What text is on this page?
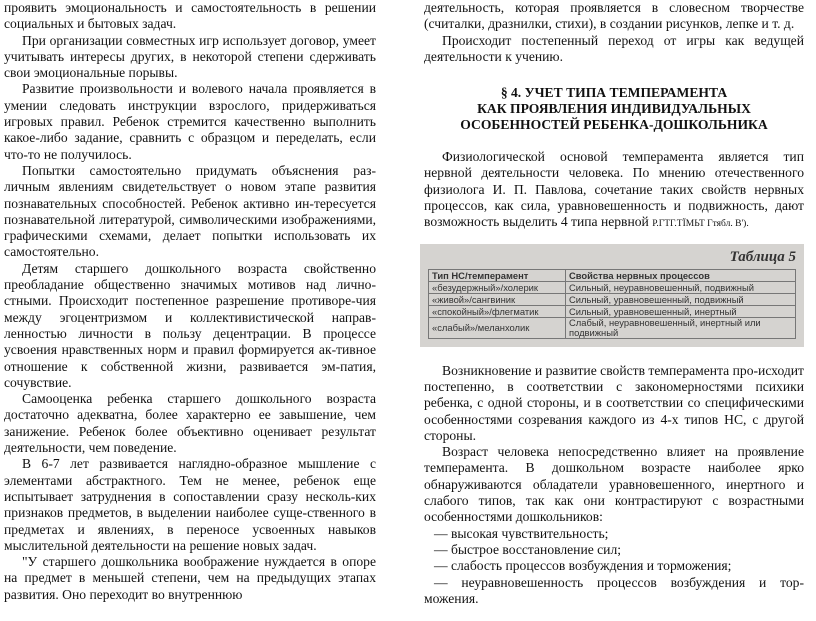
проявить эмоциональность и самостоятельность в решении социальных и бытовых задач.

При организации совместных игр использует договор, умеет учитывать интересы других, в некоторой степени сдерживать свои эмоциональные порывы.

Развитие произвольности и волевого начала проявляется в умении следовать инструкции взрослого, придерживаться игровых правил. Ребенок стремится качественно выполнить какое-либо задание, сравнить с образцом и переделать, если что-то не получилось.

Попытки самостоятельно придумать объяснения раз-личным явлениям свидетельствует о новом этапе развития познавательных способностей. Ребенок активно ин-тересуется познавательной литературой, символическими изображениями, графическими схемами, делает попытки использовать их самостоятельно.

Детям старшего дошкольного возраста свойственно преобладание общественно значимых мотивов над лично-стными. Происходит постепенное разрешение противоре-чия между эгоцентризмом и коллективистической направ-ленностью личности в пользу децентрации. В процессе усвоения нравственных норм и правил формируется ак-тивное отношение к собственной жизни, развивается эм-патия, сочувствие.

Самооценка ребенка старшего дошкольного возраста достаточно адекватна, более характерно ее завышение, чем занижение. Ребенок более объективно оценивает результат деятельности, чем поведение.

В 6-7 лет развивается наглядно-образное мышление с элементами абстрактного. Тем не менее, ребенок еще испытывает затруднения в сопоставлении сразу несколь-ких признаков предметов, в выделении наиболее суще-ственного в предметах и явлениях, в переносе усвоенных навыков мыслительной деятельности на решение новых задач.

"У старшего дошкольника воображение нуждается в опоре на предмет в меньшей степени, чем на предыдущих этапах развития. Оно переходит во внутреннюю

деятельность, которая проявляется в словесном творчестве (считалки, дразнилки, стихи), в создании рисунков, лепке и т. д.

Происходит постепенный переход от игры как ведущей деятельности к учению.

§ 4. УЧЕТ ТИПА ТЕМПЕРАМЕНТА
КАК ПРОЯВЛЕНИЯ ИНДИВИДУАЛЬНЫХ
ОСОБЕННОСТЕЙ РЕБЕНКА-ДОШКОЛЬНИКА

Физиологической основой темперамента является тип нервной деятельности человека. По мнению отечественного физиолога И. П. Павлова, сочетание таких свойств нервных процессов, как сила, уравновешенность и подвижность, дают возможность выделить 4 типа нервной Р.ГТГ.ТЇМЬТ Гтябл. В').

Таблица 5
Тип НС/темперамент	Свойства нервных процессов
«безудержный»/холерик	Сильный, неуравновешенный, подвижный
«живой»/сангвиник	Сильный, уравновешенный, подвижный
«спокойный»/флегматик	Сильный, уравновешенный, инертный
«слабый»/меланхолик	Слабый, неуравновешенный, инертный или подвижный

Возникновение и развитие свойств темперамента про-исходит постепенно, в соответствии с закономерностями психики ребенка, с одной стороны, и в соответствии со специфическими особенностями созревания каждого из 4-х типов НС, с другой стороны.

Возраст человека непосредственно влияет на проявление темперамента. В дошкольном возрасте наиболее ярко обнаруживаются обладатели уравновешенного, инертного и слабого типов, так как они контрастируют с возрастными особенностями дошкольников:

— высокая чувствительность;

— быстрое восстановление сил;

— слабость процессов возбуждения и торможения;

— неуравновешенность процессов возбуждения и тор-можения.
